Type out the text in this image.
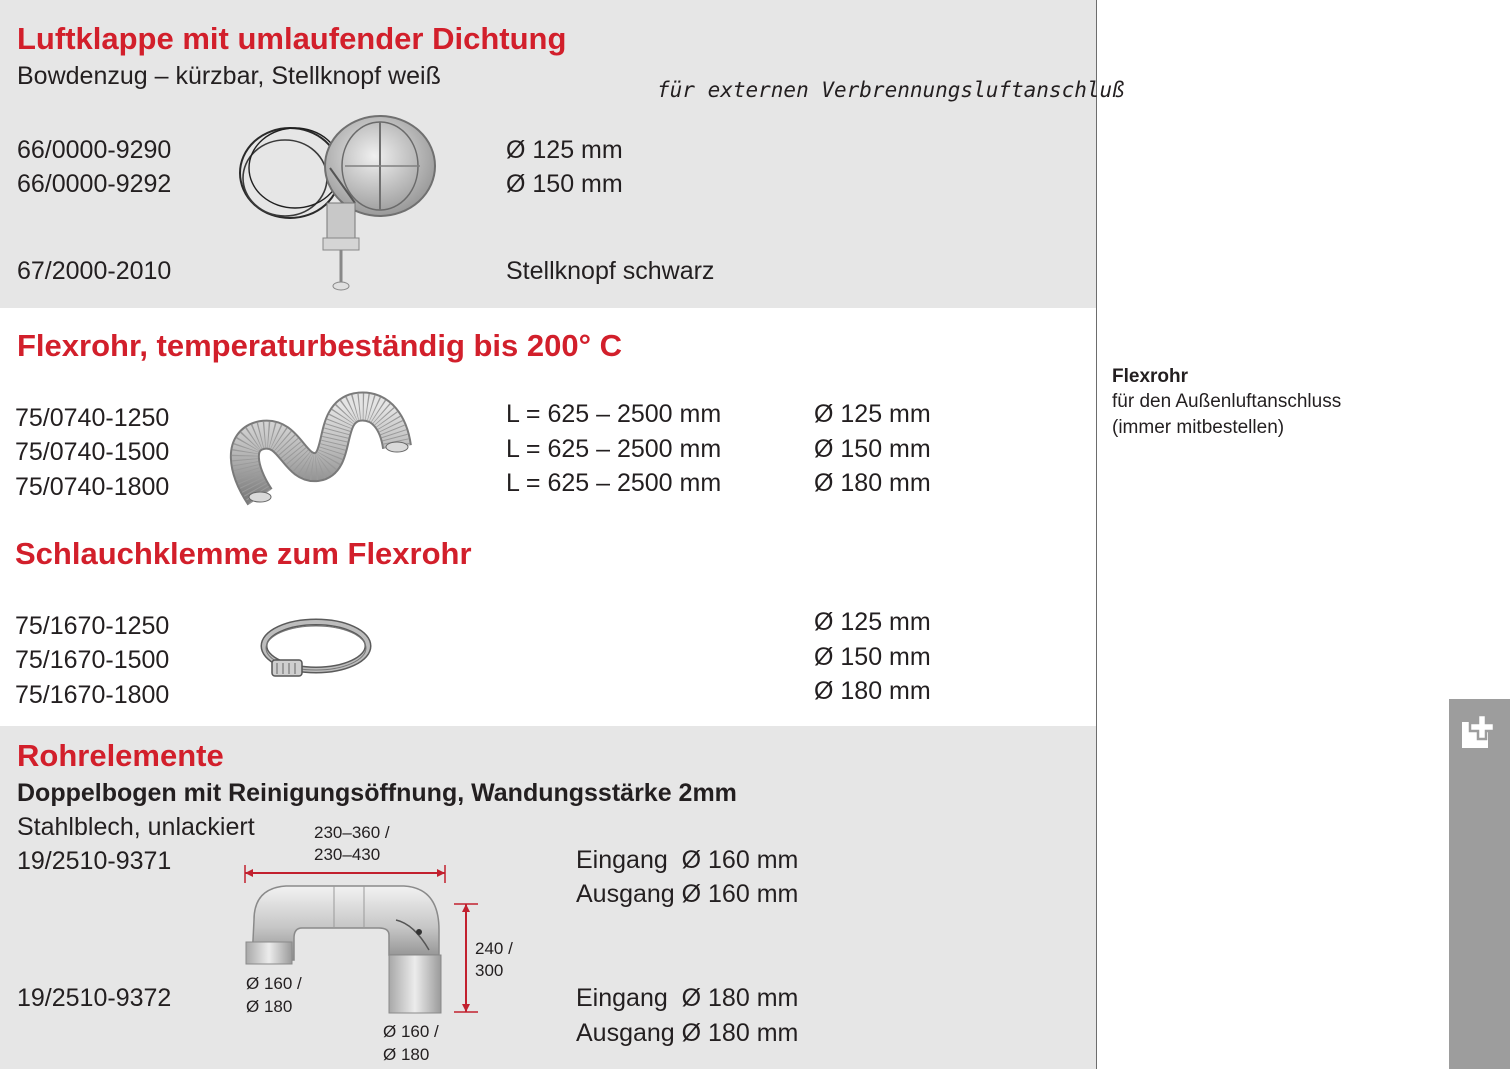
Luftklappe mit umlaufender Dichtung
Bowdenzug – kürzbar, Stellknopf weiß	für externen Verbrennungsluftanschluß
66/0000-9290
66/0000-9292
67/2000-2010
Ø 125 mm
Ø 150 mm
Stellknopf schwarz
Flexrohr, temperaturbeständig bis 200° C
75/0740-1250
75/0740-1500
75/0740-1800
L = 625 – 2500 mm
L = 625 – 2500 mm
L = 625 – 2500 mm
Ø 125 mm
Ø 150 mm
Ø 180 mm
Schlauchklemme zum Flexrohr
75/1670-1250
75/1670-1500
75/1670-1800
Ø 125 mm
Ø 150 mm
Ø 180 mm
Rohrelemente
Doppelbogen mit Reinigungsöffnung, Wandungsstärke 2mm
Stahlblech, unlackiert
19/2510-9371
19/2510-9372
Eingang  Ø 160 mm
Ausgang Ø 160 mm
Eingang  Ø 180 mm
Ausgang Ø 180 mm
230–360 /
230–430
240 /
300
Ø 160 /
Ø 180
Ø 160 /
Ø 180
Flexrohr
für den Außenluftanschluss
(immer mitbestellen)
